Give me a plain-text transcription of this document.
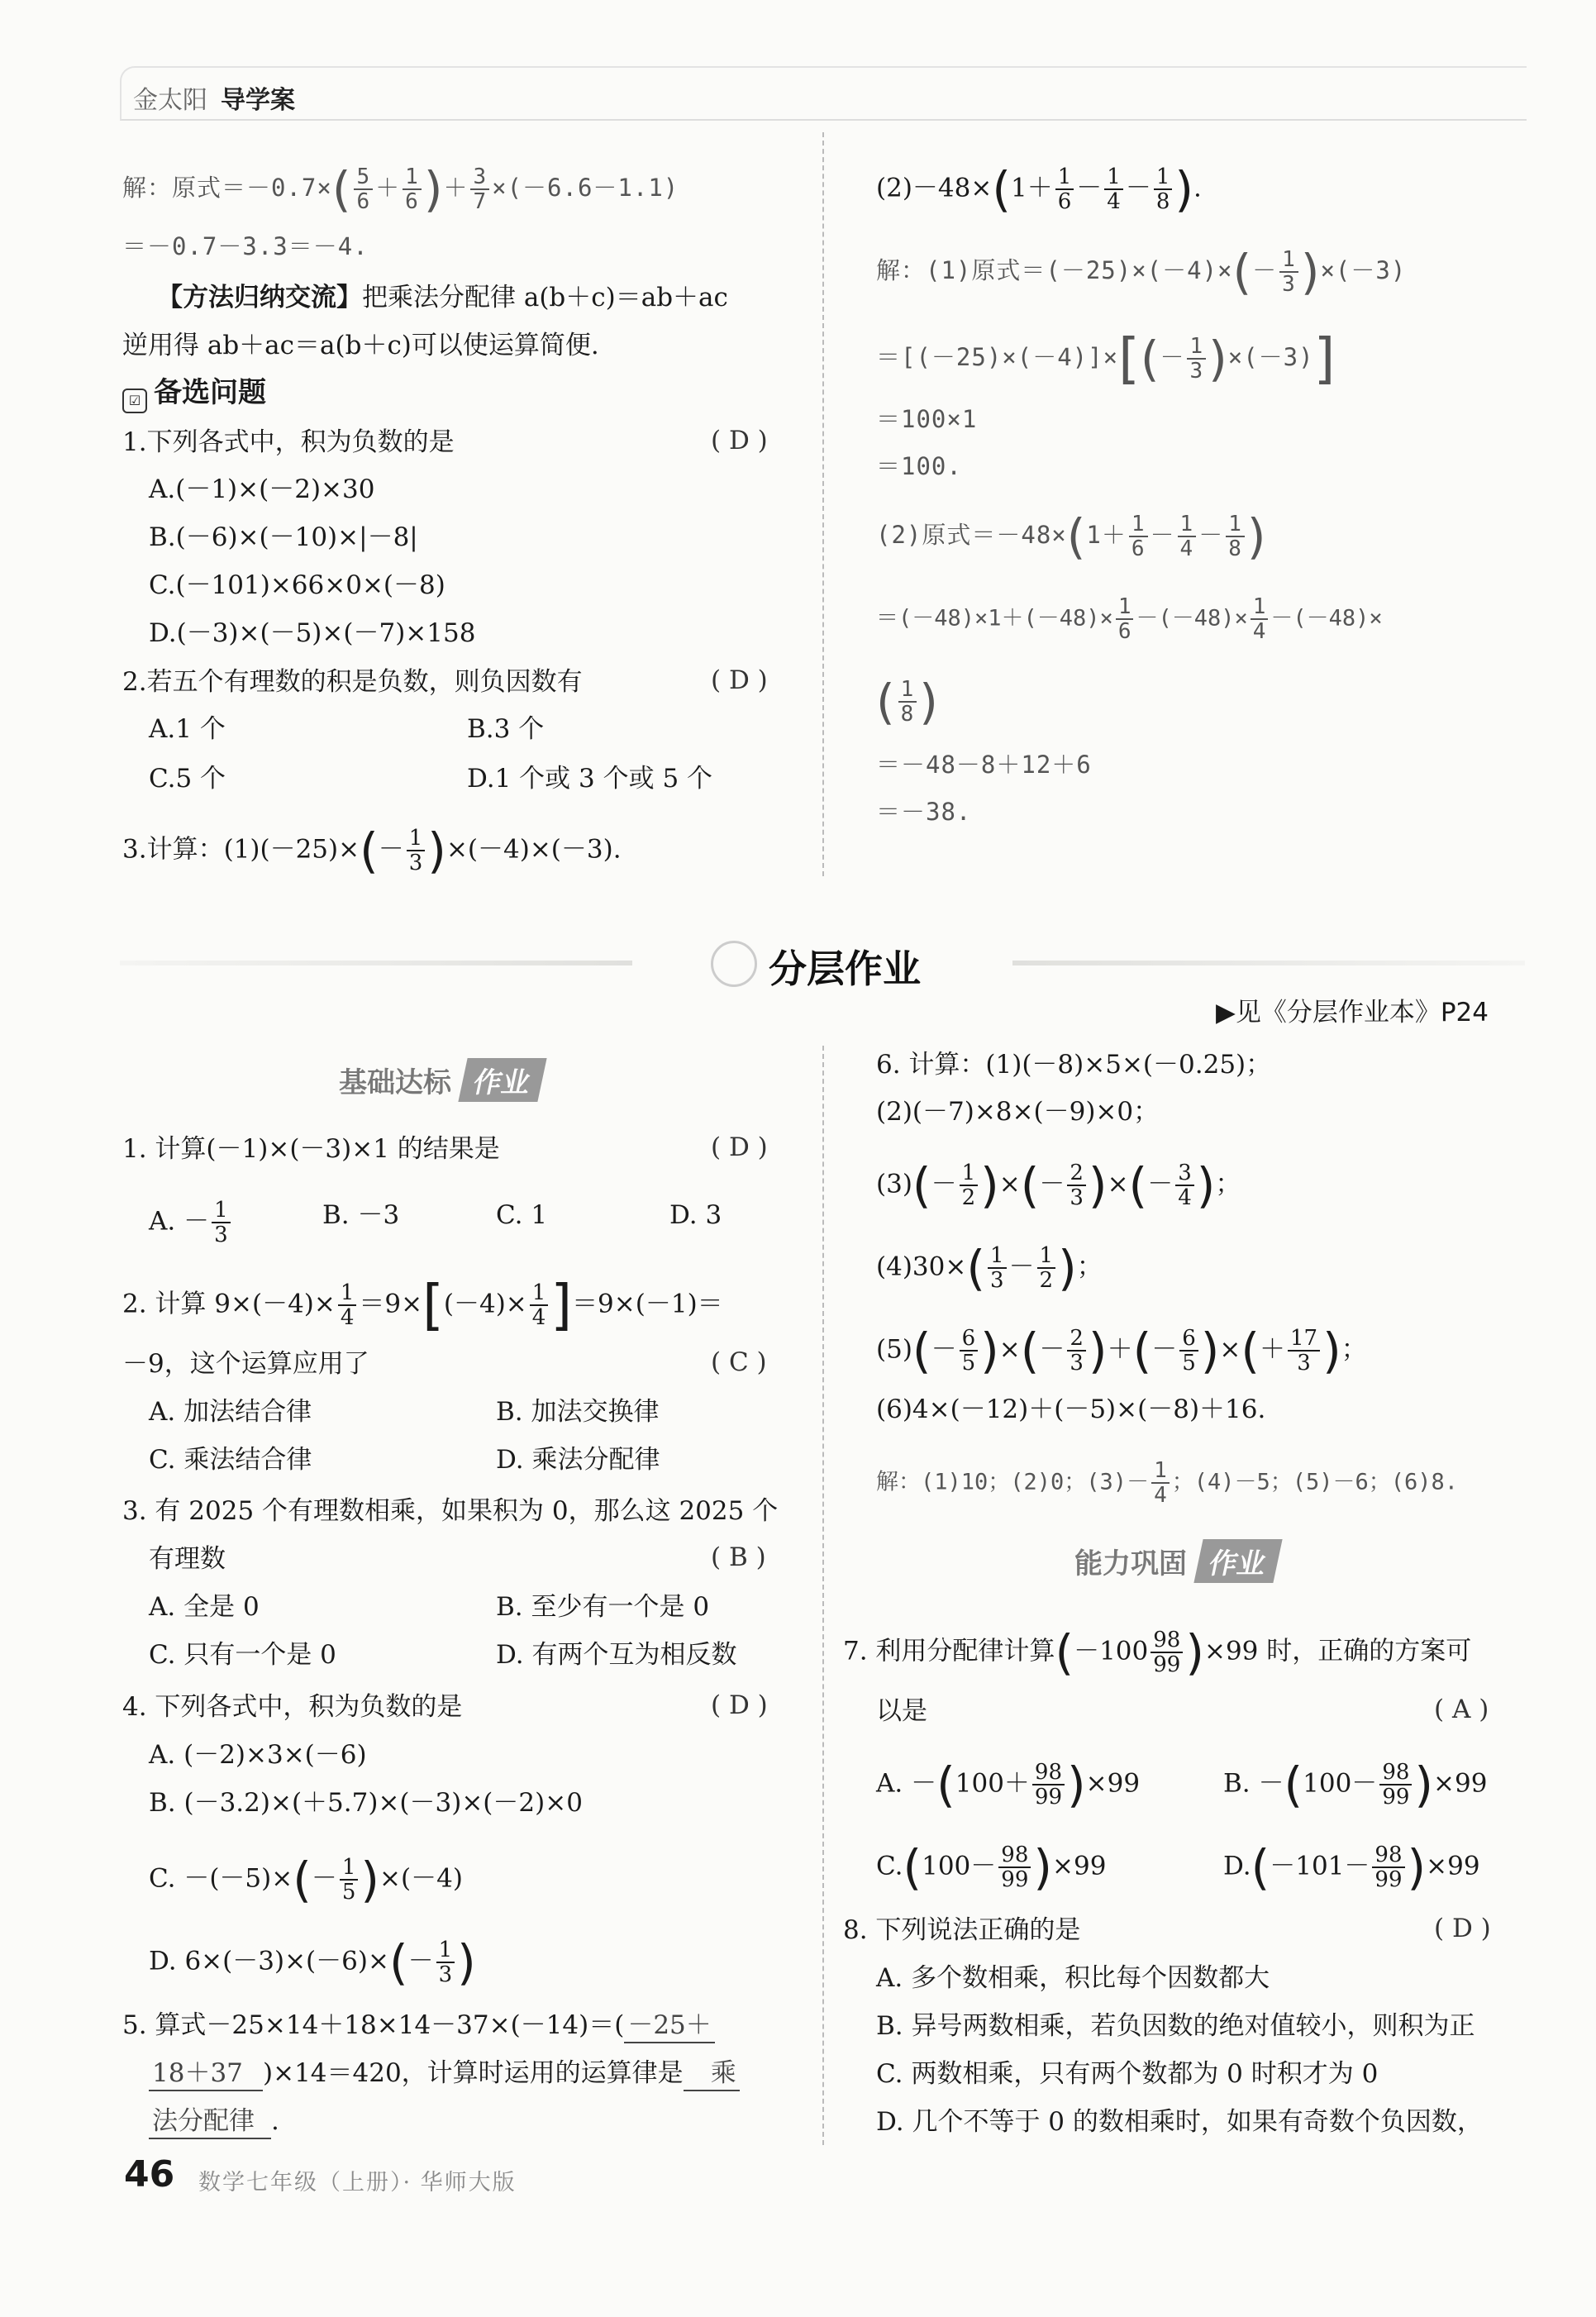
金太阳 导学案
解：原式$=-0.7\times( \frac{5}{6} + \frac{1}{6}$ )＋ $\frac{3}{7} \times(-6.6-1.1)$
＝－0.7－3.3＝－4.
【方法归纳交流】把乘法分配律 a(b＋c)＝ab＋ac
逆用得 ab＋ac＝a(b＋c)可以使运算简便.
☑ 备选问题
1.下列各式中，积为负数的是	( D )
A.(－1)×(－2)×30
B.(－6)×(－10)×|－8|
C.(－101)×66×0×(－8)
D.(－3)×(－5)×(－7)×158
2.若五个有理数的积是负数，则负因数有	( D )
A.1 个	B.3 个
C.5 个	D.1 个或 3 个或 5 个
3.计算：$(1)(-25)\times(- \frac{1}{3} )\times(-4)\times(-3)$.
$(2)-48\times(1+ \frac{1}{6} - \frac{1}{4} - \frac{1}{8}$ ).
解：(1)原式$=(-25)\times(-4)\times(- \frac{1}{3} )\times(-3)$
$=[(-25)\times(-4)]\times[(- \frac{1}{3} )\times(-3)]$
＝100×1
＝100.
(2)原式$=-48\times(1+ \frac{1}{6} - \frac{1}{4} - \frac{1}{8}$ )
$=(-48)\times 1+(-48)\times \frac{1}{6} -(-48)\times \frac{1}{4} -(-48)\times$
( $\frac{1}{8}$ )
＝－48－8＋12＋6
＝－38.
分层作业
▶见《分层作业本》P24
基础达标 作业
1. 计算(－1)×(－3)×1 的结果是	( D )
A. － $\frac{1}{3}$	B. －3	C. 1	D. 3
2. 计算 $9\times(-4)\times \frac{1}{4} =9\times[(-4)\times \frac{1}{4} ]=9\times(-1)=$
－9，这个运算应用了	( C )
A. 加法结合律	B. 加法交换律
C. 乘法结合律	D. 乘法分配律
3. 有 2025 个有理数相乘，如果积为 0，那么这 2025 个
有理数	( B )
A. 全是 0	B. 至少有一个是 0
C. 只有一个是 0	D. 有两个互为相反数
4. 下列各式中，积为负数的是	( D )
A. (－2)×3×(－6)
B. (－3.2)×(＋5.7)×(－3)×(－2)×0
C. $-(-5)\times(- \frac{1}{5} )\times(-4)$
D. $6\times(-3)\times(-6)\times(- \frac{1}{3}$ )
5. 算式－25×14＋18×14－37×(－14)＝( －25＋
18＋37 )×14＝420，计算时运用的运算律是 乘
法分配律 .
6. 计算：(1)(－8)×5×(－0.25)；
(2)(－7)×8×(－9)×0；
$(3)(- \frac{1}{2}$ )×(－ $\frac{2}{3}$ )×(－ $\frac{3}{4}$ )；
$(4)30\times( \frac{1}{3} - \frac{1}{2}$ )；
$(5)(- \frac{6}{5}$ )×(－ $\frac{2}{3}$ )＋(－ $\frac{6}{5}$ )×(＋ $\frac{17}{3}$ )；
(6)4×(－12)＋(－5)×(－8)＋16.
解：(1)10；(2)0；$(3)- \frac{1}{4}$ ；(4)－5；(5)－6；(6)8.
能力巩固 作业
7. 利用分配律计算$(-100 \frac{98}{99} )\times 99$ 时，正确的方案可
以是	( A )
A. $-(100+ \frac{98}{99} )\times 99$	B. $-(100- \frac{98}{99} )\times 99$
$C.(100- \frac{98}{99} )\times 99$	$D.(-101- \frac{98}{99} )\times 99$
8. 下列说法正确的是	( D )
A. 多个数相乘，积比每个因数都大
B. 异号两数相乘，若负因数的绝对值较小，则积为正
C. 两数相乘，只有两个数都为 0 时积才为 0
D. 几个不等于 0 的数相乘时，如果有奇数个负因数，
46 数学七年级（上册）· 华师大版
